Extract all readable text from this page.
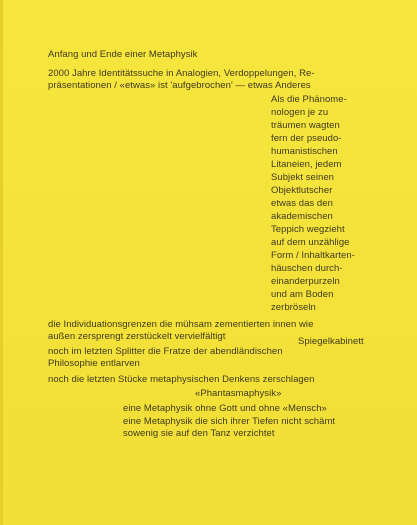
Anfang und Ende einer Metaphysik
2000 Jahre Identitätssuche in Analogien, Verdoppelungen, Re-
präsentationen / «etwas» ist 'aufgebrochen' — etwas Anderes
Als die Phänome-
nologen je zu
träumen wagten
fern der pseudo-
humanistischen
Litaneien, jedem
Subjekt seinen
Objektlutscher
etwas das den
akademischen
Teppich wegzieht
auf dem unzählige
Form / Inhaltkarten-
häuschen durch-
einanderpurzeln
und am Boden
zerbröseln
die Individuationsgrenzen die mühsam zementierten innen wie
außen zersprengt zerstückelt vervielfältigt	Spiegelkabinett
noch im letzten Splitter die Fratze der abendländischen
Philosophie entlarven
noch die letzten Stücke metaphysischen Denkens zerschlagen
«Phantasmaphysik»
eine Metaphysik ohne Gott und ohne «Mensch»
eine Metaphysik die sich ihrer Tiefen nicht schämt
sowenig sie auf den Tanz verzichtet
